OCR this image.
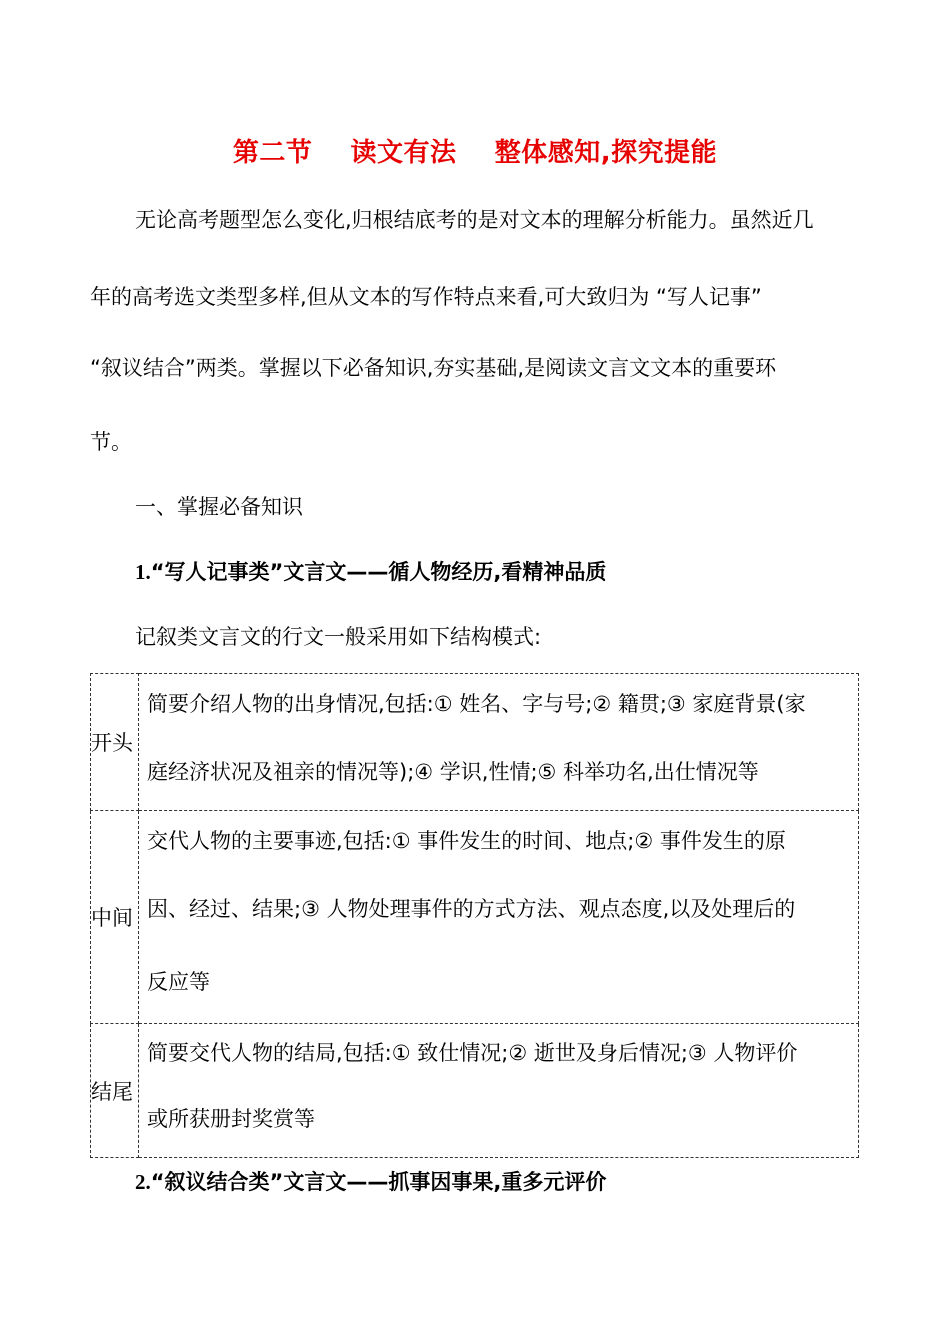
第二节    读文有法    整体感知,探究提能
无论高考题型怎么变化,归根结底考的是对文本的理解分析能力。虽然近几
年的高考选文类型多样,但从文本的写作特点来看,可大致归为 “写人记事”
“叙议结合”两类。掌握以下必备知识,夯实基础,是阅读文言文文本的重要环
节。
一、掌握必备知识
1.“写人记事类”文言文——循人物经历,看精神品质
记叙类文言文的行文一般采用如下结构模式:
开头	简要介绍人物的出身情况,包括:① 姓名、字与号;② 籍贯;③ 家庭背景(家
庭经济状况及祖亲的情况等);④ 学识,性情;⑤ 科举功名,出仕情况等

中间	交代人物的主要事迹,包括:① 事件发生的时间、地点;② 事件发生的原
因、经过、结果;③ 人物处理事件的方式方法、观点态度,以及处理后的
反应等

结尾	简要交代人物的结局,包括:① 致仕情况;② 逝世及身后情况;③ 人物评价
或所获册封奖赏等
2.“叙议结合类”文言文——抓事因事果,重多元评价
